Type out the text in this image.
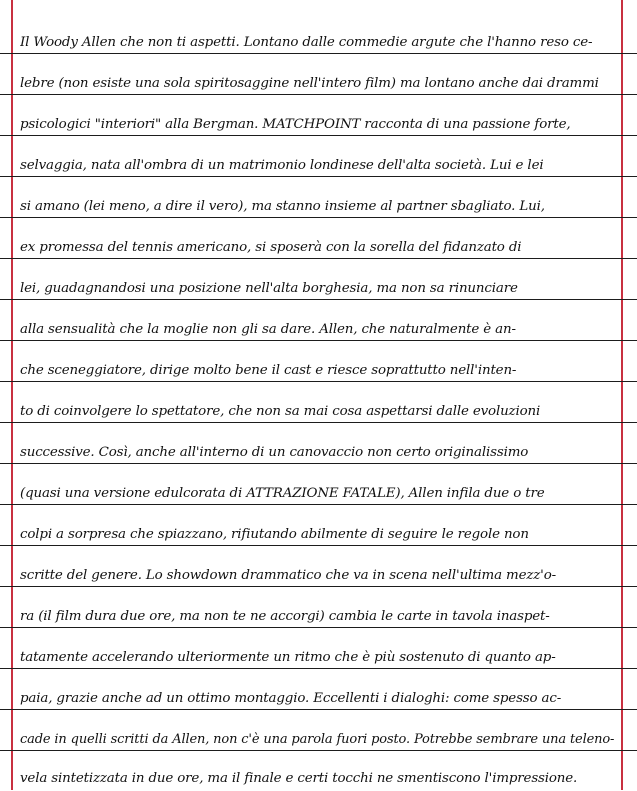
Il Woody Allen che non ti aspetti. Lontano dalle commedie argute che l'hanno reso ce-
lebre (non esiste una sola spiritosaggine nell'intero film) ma lontano anche dai drammi
psicologici "interiori" alla Bergman. MATCHPOINT racconta di una passione forte,
selvaggia, nata all'ombra di un matrimonio londinese dell'alta società. Lui e lei
si amano (lei meno, a dire il vero), ma stanno insieme al partner sbagliato. Lui,
ex promessa del tennis americano, si sposerà con la sorella del fidanzato di
lei, guadagnandosi una posizione nell'alta borghesia, ma non sa rinunciare
alla sensualità che la moglie non gli sa dare. Allen, che naturalmente è an-
che sceneggiatore, dirige molto bene il cast e riesce soprattutto nell'inten-
to di coinvolgere lo spettatore, che non sa mai cosa aspettarsi dalle evoluzioni
successive. Così, anche all'interno di un canovaccio non certo originalissimo
(quasi una versione edulcorata di ATTRAZIONE FATALE), Allen infila due o tre
colpi a sorpresa che spiazzano, rifiutando abilmente di seguire le regole non
scritte del genere. Lo showdown drammatico che va in scena nell'ultima mezz'o-
ra (il film dura due ore, ma non te ne accorgi) cambia le carte in tavola inaspet-
tatamente accelerando ulteriormente un ritmo che è più sostenuto di quanto ap-
paia, grazie anche ad un ottimo montaggio. Eccellenti i dialoghi: come spesso ac-
cade in quelli scritti da Allen, non c'è una parola fuori posto. Potrebbe sembrare una teleno-
vela sintetizzata in due ore, ma il finale e certi tocchi ne smentiscono l'impressione.
